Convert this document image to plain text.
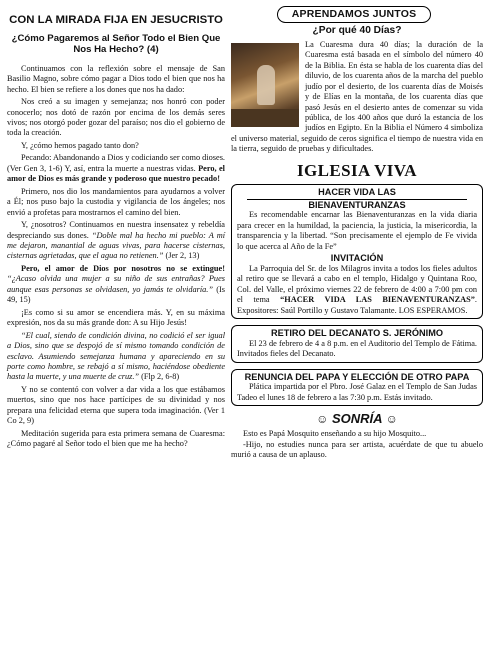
CON LA MIRADA FIJA EN JESUCRISTO
¿Cómo Pagaremos al Señor Todo el Bien Que Nos Ha Hecho? (4)

Continuamos con la reflexión sobre el mensaje de San Basilio Magno, sobre cómo pagar a Dios todo el bien que nos ha hecho. El bien se refiere a los dones que nos ha dado:

Nos creó a su imagen y semejanza; nos honró con poder conocerlo; nos dotó de razón por encima de los demás seres vivos; nos otorgó poder gozar del paraíso; nos dio el gobierno de toda la creación.

Y, ¿cómo hemos pagado tanto don?

Pecando: Abandonando a Dios y codiciando ser como dioses. (Ver Gen 3, 1-6) Y, así, entra la muerte a nuestras vidas. Pero, el amor de Dios es más grande y poderoso que nuestro pecado!

Primero, nos dio los mandamientos para ayudarnos a volver a Él; nos puso bajo la custodia y vigilancia de los ángeles; nos envió a profetas para mostrarnos el camino del bien.

Y, ¿nosotros? Continuamos en nuestra insensatez y rebeldía despreciando sus dones. “Doble mal ha hecho mi pueblo: A mí me dejaron, manantial de aguas vivas, para hacerse cisternas, cisternas agrietadas, que el agua no retienen.” (Jer 2, 13)

Pero, el amor de Dios por nosotros no se extingue! “¿Acaso olvida una mujer a su niño de sus entrañas? Pues aunque esas personas se olvidasen, yo jamás te olvidaría.” (Is 49, 15)

¡Es como si su amor se encendiera más. Y, en su máxima expresión, nos da su más grande don: A su Hijo Jesús!

“El cual, siendo de condición divina, no codició el ser igual a Dios, sino que se despojó de sí mismo tomando condición de esclavo. Asumiendo semejanza humana y apareciendo en su porte como hombre, se rebajó a sí mismo, haciéndose obediente hasta la muerte, y una muerte de cruz.” (Flp 2, 6-8)

Y no se contentó con volver a dar vida a los que estábamos muertos, sino que nos hace partícipes de su divinidad y nos prepara una felicidad eterna que supera toda imaginación. (Ver 1 Co 2, 9)

Meditación sugerida para esta primera semana de Cuaresma: ¿Cómo pagaré al Señor todo el bien que me ha hecho?

APRENDAMOS JUNTOS
¿Por qué 40 Días?
La Cuaresma dura 40 días; la duración de la Cuaresma está basada en el símbolo del número 40 de la Biblia. En ésta se habla de los cuarenta días del diluvio, de los cuarenta años de la marcha del pueblo judío por el desierto, de los cuarenta días de Moisés y de Elías en la montaña, de los cuarenta días que pasó Jesús en el desierto antes de comenzar su vida pública, de los 400 años que duró la estancia de los judíos en Egipto. En la Biblia el Número 4 simboliza el universo material, seguido de ceros significa el tiempo de nuestra vida en la tierra, seguido de pruebas y dificultades.
IGLESIA VIVA
HACER VIDA LAS
BIENAVENTURANZAS
Es recomendable encarnar las Bienaventuranzas en la vida diaria para crecer en la humildad, la paciencia, la justicia, la misericordia, la transparencia y la libertad. “Son precisamente el ejemplo de Fe vivida lo que acerca al Año de la Fe”
INVITACIÓN
La Parroquia del Sr. de los Milagros invita a todos los fieles adultos al retiro que se llevará a cabo en el templo, Hidalgo y Quintana Roo, Col. del Valle, el próximo viernes 22 de febrero de 4:00 a 7:00 pm con el tema “HACER VIDA LAS BIENAVENTURANZAS”. Expositores: Saúl Portillo y Gustavo Talamante. LOS ESPERAMOS.
RETIRO DEL DECANATO S. JERÓNIMO
El 23 de febrero de 4 a 8 p.m. en el Auditorio del Templo de Fátima. Invitados fieles del Decanato.
RENUNCIA DEL PAPA Y ELECCIÓN DE OTRO PAPA
Plática impartida por el Pbro. José Galaz en el Templo de San Judas Tadeo el lunes 18 de febrero a las 7:30 p.m. Estás invitado.
☺ SONRÍA ☺

Esto es Papá Mosquito enseñando a su hijo Mosquito...

-Hijo, no estudies nunca para ser artista, acuérdate de que tu abuelo murió a causa de un aplauso.
